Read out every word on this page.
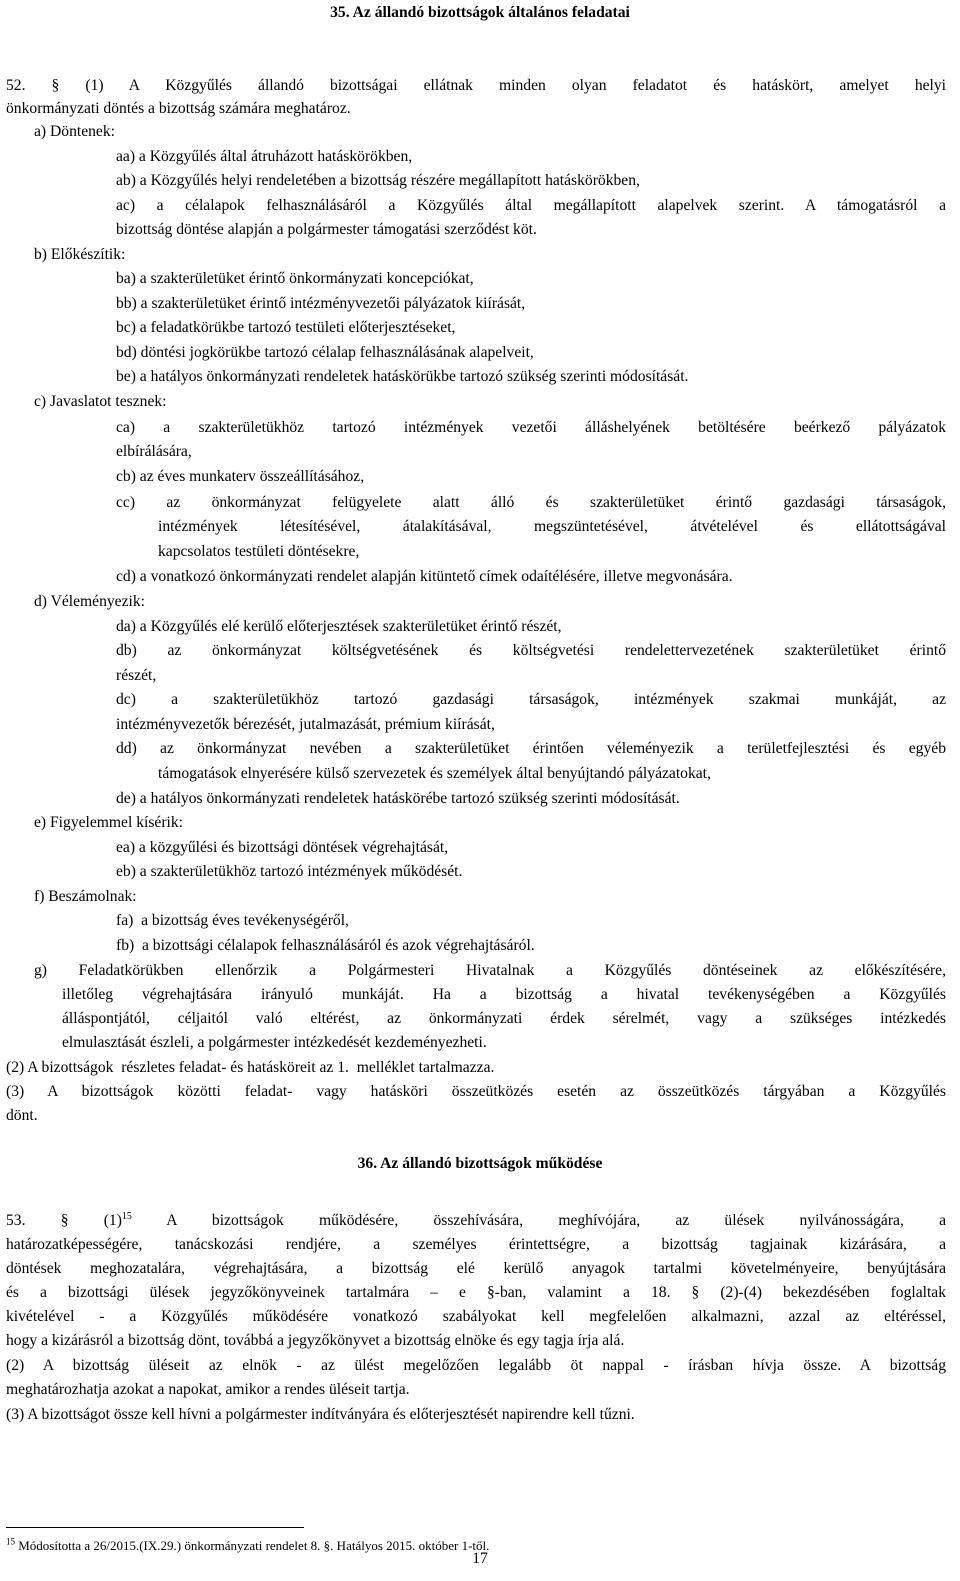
35. Az állandó bizottságok általános feladatai
52. § (1) A Közgyűlés állandó bizottságai ellátnak minden olyan feladatot és hatáskört, amelyet helyi
önkormányzati döntés a bizottság számára meghatároz.
a) Döntenek:
aa) a Közgyűlés által átruházott hatáskörökben,
ab) a Közgyűlés helyi rendeletében a bizottság részére megállapított hatáskörökben,
ac) a célalapok felhasználásáról a Közgyűlés által megállapított alapelvek szerint. A támogatásról a
bizottság döntése alapján a polgármester támogatási szerződést köt.
b) Előkészítik:
ba) a szakterületüket érintő önkormányzati koncepciókat,
bb) a szakterületüket érintő intézményvezetői pályázatok kiírását,
bc) a feladatkörükbe tartozó testületi előterjesztéseket,
bd) döntési jogkörükbe tartozó célalap felhasználásának alapelveit,
be) a hatályos önkormányzati rendeletek hatáskörükbe tartozó szükség szerinti módosítását.
c) Javaslatot tesznek:
ca) a szakterületükhöz tartozó intézmények vezetői álláshelyének betöltésére beérkező pályázatok
elbírálására,
cb) az éves munkaterv összeállításához,
cc) az önkormányzat felügyelete alatt álló és szakterületüket érintő gazdasági társaságok,
intézmények létesítésével, átalakításával, megszüntetésével, átvételével és ellátottságával
kapcsolatos testületi döntésekre,
cd) a vonatkozó önkormányzati rendelet alapján kitüntető címek odaítélésére, illetve megvonására.
d) Véleményezik:
da) a Közgyűlés elé kerülő előterjesztések szakterületüket érintő részét,
db) az önkormányzat költségvetésének és költségvetési rendelettervezetének szakterületüket érintő
részét,
dc) a szakterületükhöz tartozó gazdasági társaságok, intézmények szakmai munkáját, az
intézményvezetők bérezését, jutalmazását, prémium kiírását,
dd) az önkormányzat nevében a szakterületüket érintően véleményezik a területfejlesztési és egyéb
támogatások elnyerésére külső szervezetek és személyek által benyújtandó pályázatokat,
de) a hatályos önkormányzati rendeletek hatáskörébe tartozó szükség szerinti módosítását.
e) Figyelemmel kísérik:
ea) a közgyűlési és bizottsági döntések végrehajtását,
eb) a szakterületükhöz tartozó intézmények működését.
f) Beszámolnak:
fa)  a bizottság éves tevékenységéről,
fb)  a bizottsági célalapok felhasználásáról és azok végrehajtásáról.
g) Feladatkörükben ellenőrzik a Polgármesteri Hivatalnak a Közgyűlés döntéseinek az előkészítésére,
illetőleg végrehajtására irányuló munkáját. Ha a bizottság a hivatal tevékenységében a Közgyűlés
álláspontjától, céljaitól való eltérést, az önkormányzati érdek sérelmét, vagy a szükséges intézkedés
elmulasztását észleli, a polgármester intézkedését kezdeményezheti.
(2) A bizottságok  részletes feladat- és hatásköreit az 1.  melléklet tartalmazza.
(3) A bizottságok közötti feladat- vagy hatásköri összeütközés esetén az összeütközés tárgyában a Közgyűlés
dönt.
36. Az állandó bizottságok működése
53. § $(1)^{15}$ A bizottságok működésére, összehívására, meghívójára, az ülések nyilvánosságára, a
határozatképességére, tanácskozási rendjére, a személyes érintettségre, a bizottság tagjainak kizárására, a
döntések meghozatalára, végrehajtására, a bizottság elé kerülő anyagok tartalmi követelményeire, benyújtására
és a bizottsági ülések jegyzőkönyveinek tartalmára – e §-ban, valamint a 18. § (2)-(4) bekezdésében foglaltak
kivételével - a Közgyűlés működésére vonatkozó szabályokat kell megfelelően alkalmazni, azzal az eltéréssel,
hogy a kizárásról a bizottság dönt, továbbá a jegyzőkönyvet a bizottság elnöke és egy tagja írja alá.
(2) A bizottság üléseit az elnök - az ülést megelőzően legalább öt nappal - írásban hívja össze. A bizottság
meghatározhatja azokat a napokat, amikor a rendes üléseit tartja.
(3) A bizottságot össze kell hívni a polgármester indítványára és előterjesztését napirendre kell tűzni.
$^{15}$ Módosította a 26/2015.(IX.29.) önkormányzati rendelet 8. §. Hatályos 2015. október 1-től.
17
